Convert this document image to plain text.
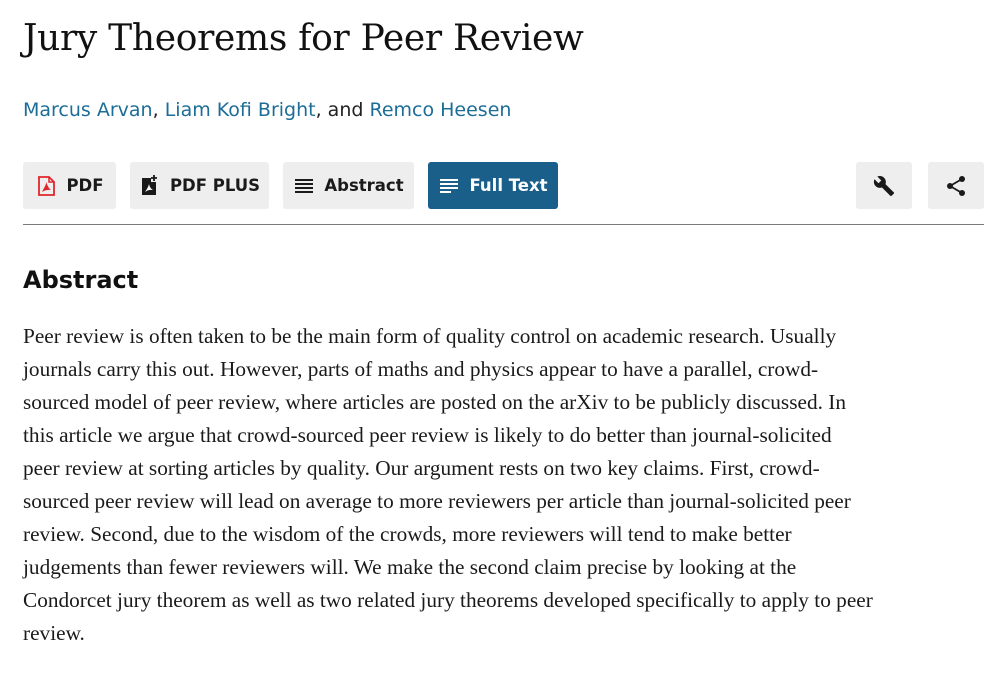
Jury Theorems for Peer Review
Marcus Arvan, Liam Kofi Bright, and Remco Heesen
PDF	PDF PLUS	Abstract	Full Text
Abstract

Peer review is often taken to be the main form of quality control on academic research. Usually
journals carry this out. However, parts of maths and physics appear to have a parallel, crowd-
sourced model of peer review, where articles are posted on the arXiv to be publicly discussed. In
this article we argue that crowd-sourced peer review is likely to do better than journal-solicited
peer review at sorting articles by quality. Our argument rests on two key claims. First, crowd-
sourced peer review will lead on average to more reviewers per article than journal-solicited peer
review. Second, due to the wisdom of the crowds, more reviewers will tend to make better
judgements than fewer reviewers will. We make the second claim precise by looking at the
Condorcet jury theorem as well as two related jury theorems developed specifically to apply to peer
review.
